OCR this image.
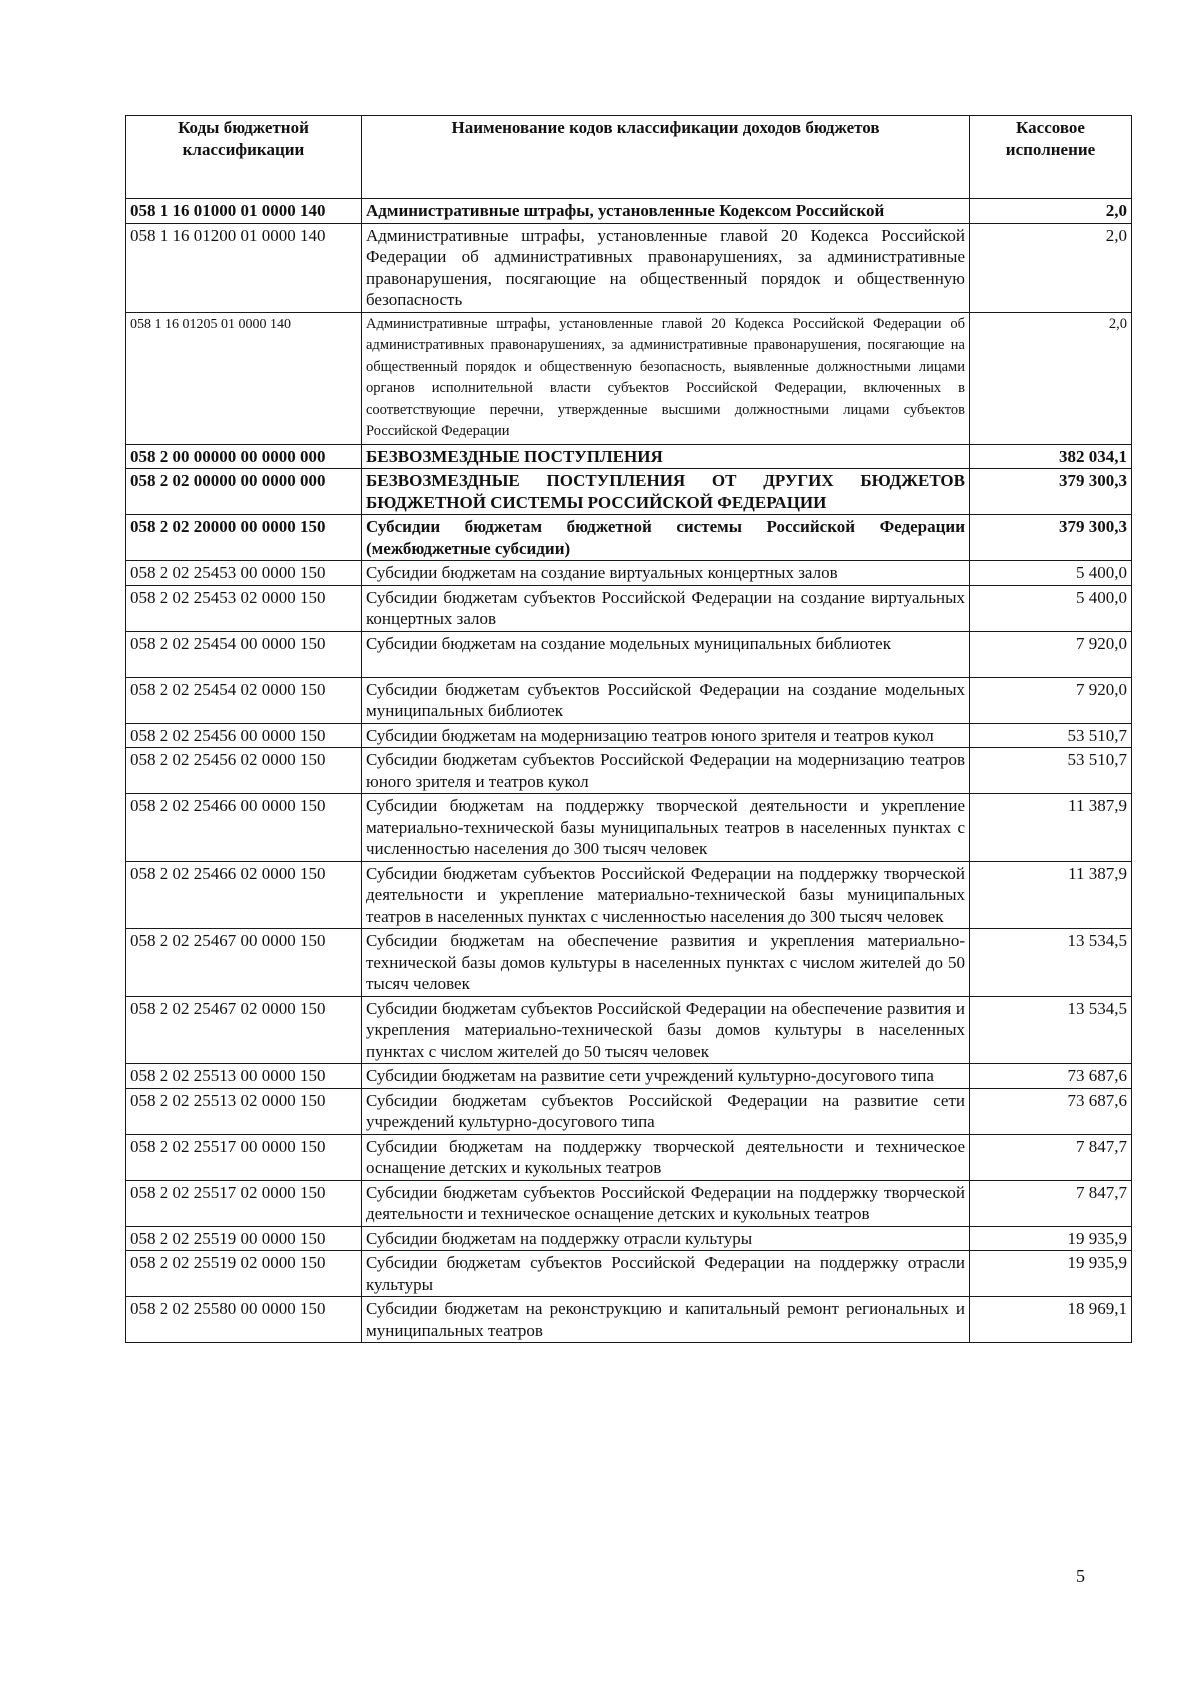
Коды бюджетной классификации	Наименование кодов классификации доходов бюджетов	Кассовое исполнение
058 1 16 01000 01 0000 140	Административные штрафы, установленные Кодексом Российской	2,0
058 1 16 01200 01 0000 140	Административные штрафы, установленные главой 20 Кодекса Российской Федерации об административных правонарушениях, за административные правонарушения, посягающие на общественный порядок и общественную безопасность	2,0
058 1 16 01205 01 0000 140	Административные штрафы, установленные главой 20 Кодекса Российской Федерации об административных правонарушениях, за административные правонарушения, посягающие на общественный порядок и общественную безопасность, выявленные должностными лицами органов исполнительной власти субъектов Российской Федерации, включенных в соответствующие перечни, утвержденные высшими должностными лицами субъектов Российской Федерации	2,0
058 2 00 00000 00 0000 000	БЕЗВОЗМЕЗДНЫЕ ПОСТУПЛЕНИЯ	382 034,1
058 2 02 00000 00 0000 000	БЕЗВОЗМЕЗДНЫЕ ПОСТУПЛЕНИЯ ОТ ДРУГИХ БЮДЖЕТОВ БЮДЖЕТНОЙ СИСТЕМЫ РОССИЙСКОЙ ФЕДЕРАЦИИ	379 300,3
058 2 02 20000 00 0000 150	Субсидии бюджетам бюджетной системы Российской Федерации (межбюджетные субсидии)	379 300,3
058 2 02 25453 00 0000 150	Субсидии бюджетам на создание виртуальных концертных залов	5 400,0
058 2 02 25453 02 0000 150	Субсидии бюджетам субъектов Российской Федерации на создание виртуальных концертных залов	5 400,0
058 2 02 25454 00 0000 150	Субсидии бюджетам на создание модельных муниципальных библиотек	7 920,0
058 2 02 25454 02 0000 150	Субсидии бюджетам субъектов Российской Федерации на создание модельных муниципальных библиотек	7 920,0
058 2 02 25456 00 0000 150	Субсидии бюджетам на модернизацию театров юного зрителя и театров кукол	53 510,7
058 2 02 25456 02 0000 150	Субсидии бюджетам субъектов Российской Федерации на модернизацию театров юного зрителя и театров кукол	53 510,7
058 2 02 25466 00 0000 150	Субсидии бюджетам на поддержку творческой деятельности и укрепление материально-технической базы муниципальных театров в населенных пунктах с численностью населения до 300 тысяч человек	11 387,9
058 2 02 25466 02 0000 150	Субсидии бюджетам субъектов Российской Федерации на поддержку творческой деятельности и укрепление материально-технической базы муниципальных театров в населенных пунктах с численностью населения до 300 тысяч человек	11 387,9
058 2 02 25467 00 0000 150	Субсидии бюджетам на обеспечение развития и укрепления материально-технической базы домов культуры в населенных пунктах с числом жителей до 50 тысяч человек	13 534,5
058 2 02 25467 02 0000 150	Субсидии бюджетам субъектов Российской Федерации на обеспечение развития и укрепления материально-технической базы домов культуры в населенных пунктах с числом жителей до 50 тысяч человек	13 534,5
058 2 02 25513 00 0000 150	Субсидии бюджетам на развитие сети учреждений культурно-досугового типа	73 687,6
058 2 02 25513 02 0000 150	Субсидии бюджетам субъектов Российской Федерации на развитие сети учреждений культурно-досугового типа	73 687,6
058 2 02 25517 00 0000 150	Субсидии бюджетам на поддержку творческой деятельности и техническое оснащение детских и кукольных театров	7 847,7
058 2 02 25517 02 0000 150	Субсидии бюджетам субъектов Российской Федерации на поддержку творческой деятельности и техническое оснащение детских и кукольных театров	7 847,7
058 2 02 25519 00 0000 150	Субсидии бюджетам на поддержку отрасли культуры	19 935,9
058 2 02 25519 02 0000 150	Субсидии бюджетам субъектов Российской Федерации на поддержку отрасли культуры	19 935,9
058 2 02 25580 00 0000 150	Субсидии бюджетам на реконструкцию и капитальный ремонт региональных и муниципальных театров	18 969,1
5
